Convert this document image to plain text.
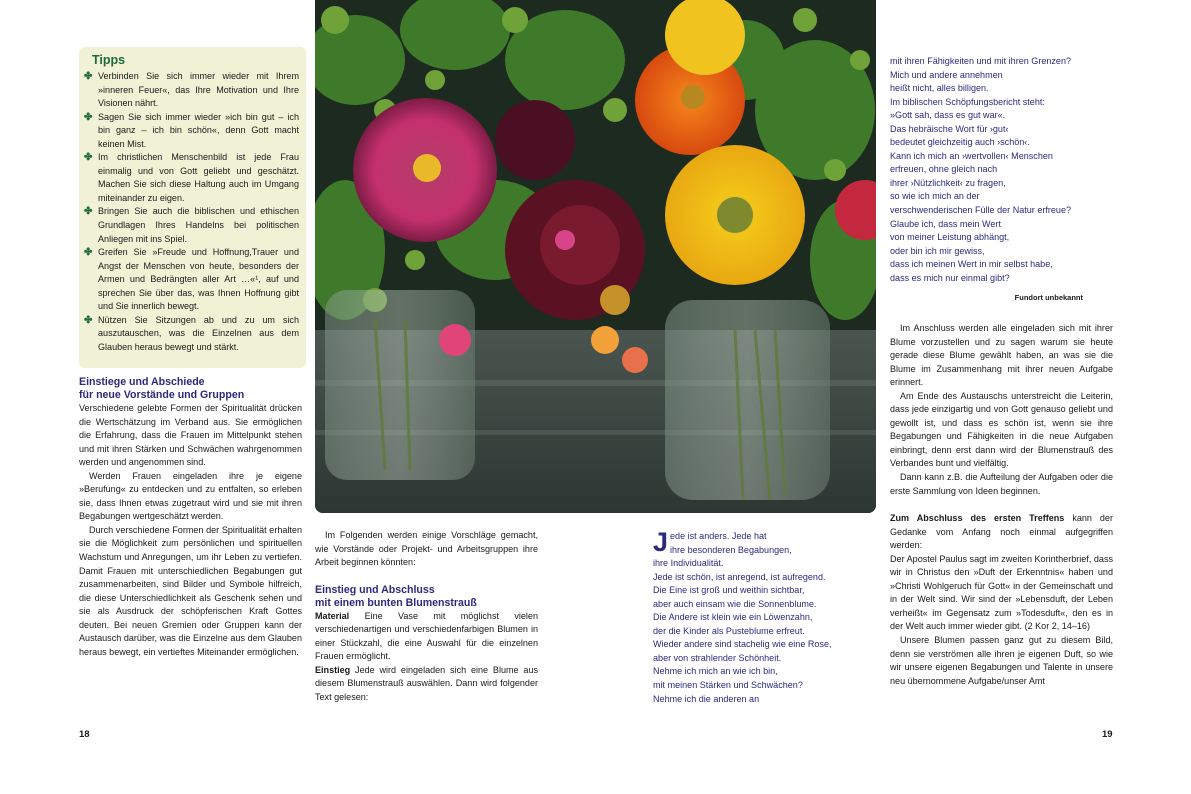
Tipps
✤ Verbinden Sie sich immer wieder mit Ihrem »inneren Feuer«, das Ihre Motivation und Ihre Visionen nährt.
✤ Sagen Sie sich immer wieder »ich bin gut – ich bin ganz – ich bin schön«, denn Gott macht keinen Mist.
✤ Im christlichen Menschenbild ist jede Frau einmalig und von Gott geliebt und geschätzt. Machen Sie sich diese Haltung auch im Umgang miteinander zu eigen.
✤ Bringen Sie auch die biblischen und ethischen Grundlagen Ihres Handelns bei politischen Anliegen mit ins Spiel.
✤ Greifen Sie »Freude und Hoffnung,Trauer und Angst der Menschen von heute, besonders der Armen und Bedrängten aller Art …«¹, auf und sprechen Sie über das, was Ihnen Hoffnung gibt und Sie innerlich bewegt.
✤ Nützen Sie Sitzungen ab und zu um sich auszutauschen, was die Einzelnen aus dem Glauben heraus bewegt und stärkt.
Einstiege und Abschiede
für neue Vorstände und Gruppen

Verschiedene gelebte Formen der Spiritualität drücken die Wertschätzung im Verband aus. Sie ermöglichen die Erfahrung, dass die Frauen im Mittelpunkt stehen und mit ihren Stärken und Schwächen wahrgenommen werden und angenommen sind.

Werden Frauen eingeladen ihre je eigene »Berufung« zu entdecken und zu entfalten, so erleben sie, dass Ihnen etwas zugetraut wird und sie mit ihren Begabungen wertgeschätzt werden.

Durch verschiedene Formen der Spiritualität erhalten sie die Möglichkeit zum persönlichen und spirituellen Wachstum und Anregungen, um ihr Leben zu vertiefen. Damit Frauen mit unterschiedlichen Begabungen gut zusammenarbeiten, sind Bilder und Symbole hilfreich, die diese Unterschiedlichkeit als Geschenk sehen und sie als Ausdruck der schöpferischen Kraft Gottes deuten. Bei neuen Gremien oder Gruppen kann der Austausch darüber, was die Einzelne aus dem Glauben heraus bewegt, ein vertieftes Miteinander ermöglichen.

Im Folgenden werden einige Vorschläge gemacht, wie Vorstände oder Projekt- und Arbeitsgruppen ihre Arbeit beginnen könnten:

Einstieg und Abschluss
mit einem bunten Blumenstrauß

Material Eine Vase mit möglichst vielen verschiedenartigen und verschiedenfarbigen Blumen in einer Stückzahl, die eine Auswahl für die einzelnen Frauen ermöglicht.

Einstieg Jede wird eingeladen sich eine Blume aus diesem Blumenstrauß auswählen. Dann wird folgender Text gelesen:

J ede ist anders. Jede hat
ihre besonderen Begabungen,
ihre Individualität.
Jede ist schön, ist anregend, ist aufregend.
Die Eine ist groß und weithin sichtbar,
aber auch einsam wie die Sonnenblume.
Die Andere ist klein wie ein Löwenzahn,
der die Kinder als Pusteblume erfreut.
Wieder andere sind stachelig wie eine Rose,
aber von strahlender Schönheit.
Nehme ich mich an wie ich bin,
mit meinen Stärken und Schwächen?
Nehme ich die anderen an
mit ihren Fähigkeiten und mit ihren Grenzen?
Mich und andere annehmen
heißt nicht, alles billigen.
Im biblischen Schöpfungsbericht steht:
»Gott sah, dass es gut war«.
Das hebräische Wort für ›gut‹
bedeutet gleichzeitig auch ›schön‹.
Kann ich mich an ›wertvollen‹ Menschen
erfreuen, ohne gleich nach
ihrer ›Nützlichkeit‹ zu fragen,
so wie ich mich an der
verschwenderischen Fülle der Natur erfreue?
Glaube ich, dass mein Wert
von meiner Leistung abhängt,
oder bin ich mir gewiss,
dass ich meinen Wert in mir selbst habe,
dass es mich nur einmal gibt?
Fundort unbekannt

Im Anschluss werden alle eingeladen sich mit ihrer Blume vorzustellen und zu sagen warum sie heute gerade diese Blume gewählt haben, an was sie die Blume im Zusammenhang mit ihrer neuen Aufgabe erinnert.

Am Ende des Austauschs unterstreicht die Leiterin, dass jede einzigartig und von Gott genauso geliebt und gewollt ist, und dass es schön ist, wenn sie ihre Begabungen und Fähigkeiten in die neue Aufgaben einbringt, denn erst dann wird der Blumenstrauß des Verbandes bunt und vielfältig.

Dann kann z.B. die Aufteilung der Aufgaben oder die erste Sammlung von Ideen beginnen.

Zum Abschluss des ersten Treffens kann der Gedanke vom Anfang noch einmal aufgegriffen werden:

Der Apostel Paulus sagt im zweiten Korintherbrief, dass wir in Christus den »Duft der Erkenntnis« haben und »Christi Wohlgeruch für Gott« in der Gemeinschaft und in der Welt sind. Wir sind der »Lebensduft, der Leben verheißt« im Gegensatz zum »Todesduft«, den es in der Welt auch immer wieder gibt. (2 Kor 2, 14–16)

Unsere Blumen passen ganz gut zu diesem Bild, denn sie verströmen alle ihren je eigenen Duft, so wie wir unsere eigenen Begabungen und Talente in unsere neu übernommene Aufgabe/unser Amt

18	19
